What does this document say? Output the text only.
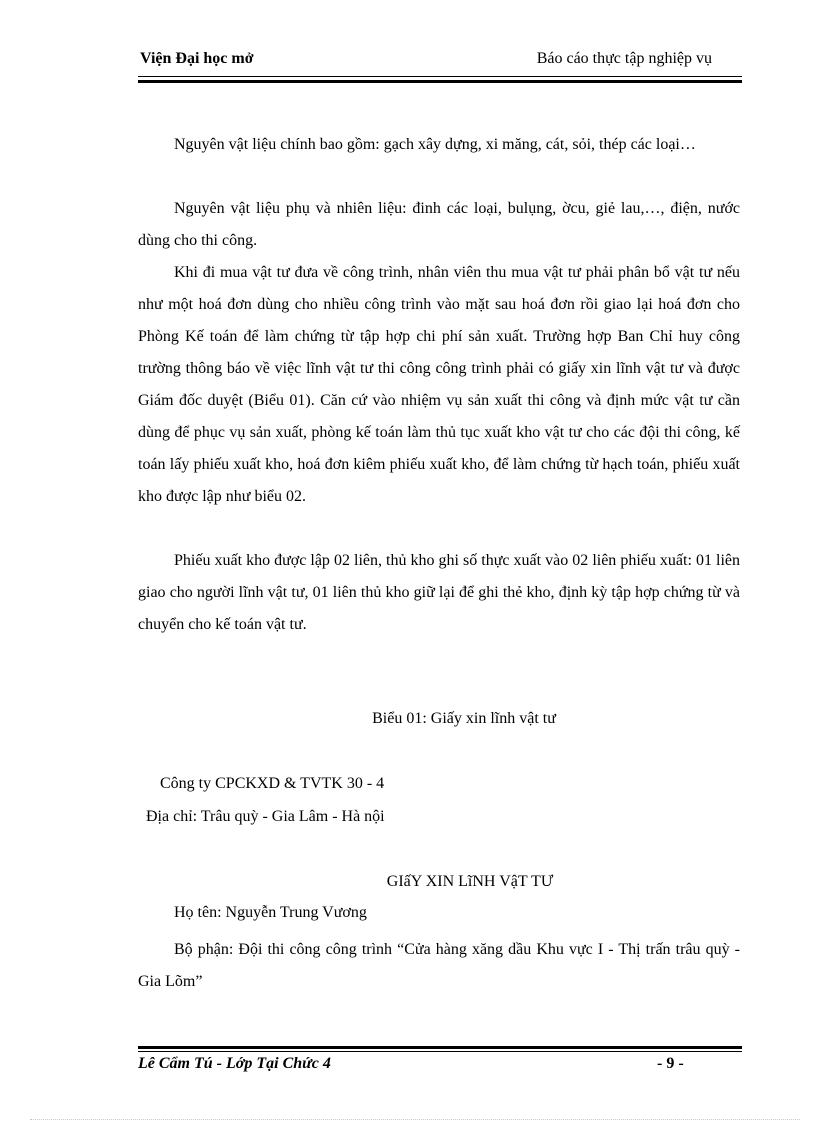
Viện Đại học mở	Báo cáo thực tập nghiệp vụ

Nguyên vật liệu chính bao gồm: gạch xây dựng, xi măng, cát, sỏi, thép các loại…

Nguyên vật liệu phụ và nhiên liệu: đinh các loại, bulụng, ờcu, giẻ lau,…, điện, nước dùng cho thi công.

Khi đi mua vật tư đưa về công trình, nhân viên thu mua vật tư phải phân bổ vật tư nếu như một hoá đơn dùng cho nhiều công trình vào mặt sau hoá đơn rồi giao lại hoá đơn cho Phòng Kế toán để làm chứng từ tập hợp chi phí sản xuất. Trường hợp Ban Chỉ huy công trường thông báo về việc lĩnh vật tư thi công công trình phải có giấy xin lĩnh vật tư và được Giám đốc duyệt (Biểu 01). Căn cứ vào nhiệm vụ sản xuất thi công và định mức vật tư cần dùng để phục vụ sản xuất, phòng kế toán làm thủ tục xuất kho vật tư cho các đội thi công, kế toán lấy phiếu xuất kho, hoá đơn kiêm phiếu xuất kho, để làm chứng từ hạch toán, phiếu xuất kho được lập như biểu 02.

Phiếu xuất kho được lập 02 liên, thủ kho ghi số thực xuất vào 02 liên phiếu xuất: 01 liên giao cho người lĩnh vật tư, 01 liên thủ kho giữ lại để ghi thẻ kho, định kỳ tập hợp chứng từ và chuyển cho kế toán vật tư.

Biểu 01: Giấy xin lĩnh vật tư
Công ty CPCKXD & TVTK 30 - 4
Địa chỉ: Trâu quỳ - Gia Lâm - Hà nội
GIấY XIN LĩNH VậT TƯ
Họ tên: Nguyễn Trung Vương

Bộ phận: Đội thi công công trình “Cửa hàng xăng dầu Khu vực I - Thị trấn trâu quỳ - Gia Lõm”

Lê Cẩm Tú - Lớp Tại Chức 4	- 9 -
